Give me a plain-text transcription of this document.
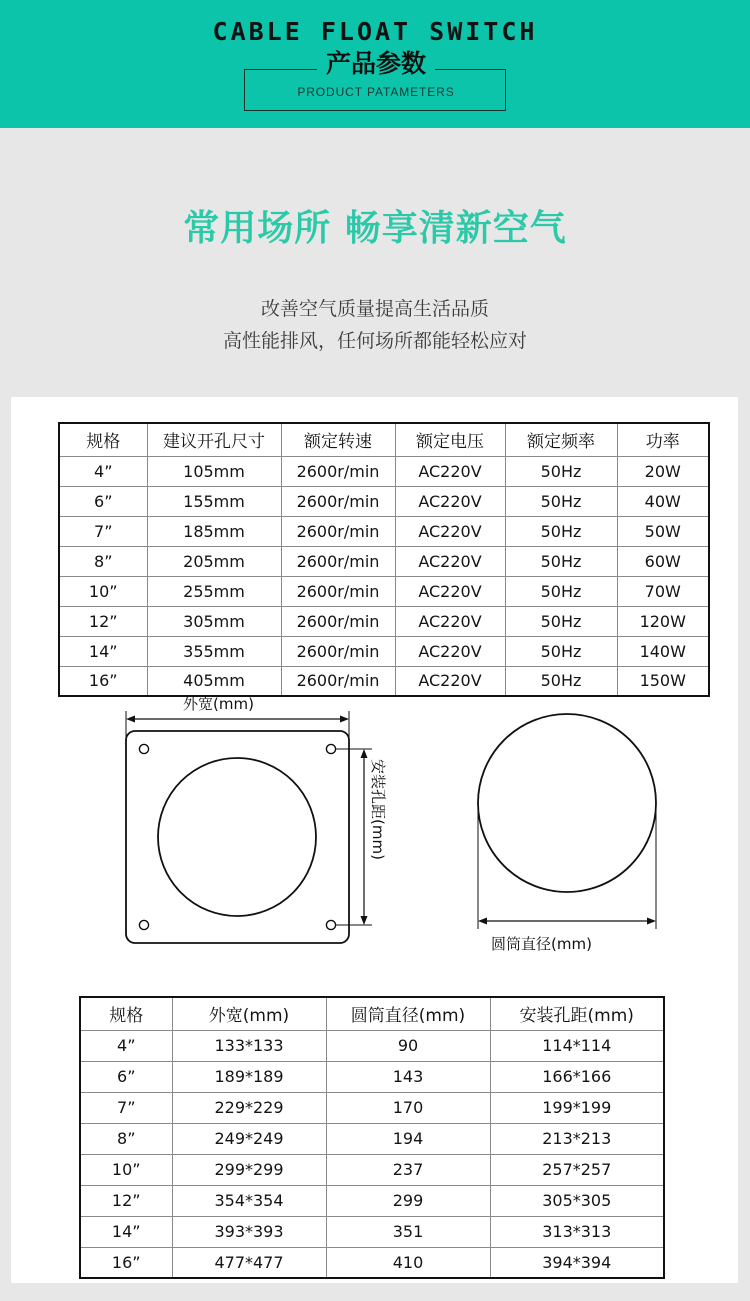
CABLE FLOAT SWITCH
产品参数
PRODUCT PATAMETERS
常用场所 畅享清新空气
改善空气质量提高生活品质
高性能排风，任何场所都能轻松应对
规格	建议开孔尺寸	额定转速	额定电压	额定频率	功率
4”	105mm	2600r/min	AC220V	50Hz	20W
6”	155mm	2600r/min	AC220V	50Hz	40W
7”	185mm	2600r/min	AC220V	50Hz	50W
8”	205mm	2600r/min	AC220V	50Hz	60W
10”	255mm	2600r/min	AC220V	50Hz	70W
12”	305mm	2600r/min	AC220V	50Hz	120W
14”	355mm	2600r/min	AC220V	50Hz	140W
16”	405mm	2600r/min	AC220V	50Hz	150W
外宽(mm)
安装孔距(mm)
圆筒直径(mm)
规格	外宽(mm)	圆筒直径(mm)	安装孔距(mm)
4”	133*133	90	114*114
6”	189*189	143	166*166
7”	229*229	170	199*199
8”	249*249	194	213*213
10”	299*299	237	257*257
12”	354*354	299	305*305
14”	393*393	351	313*313
16”	477*477	410	394*394
